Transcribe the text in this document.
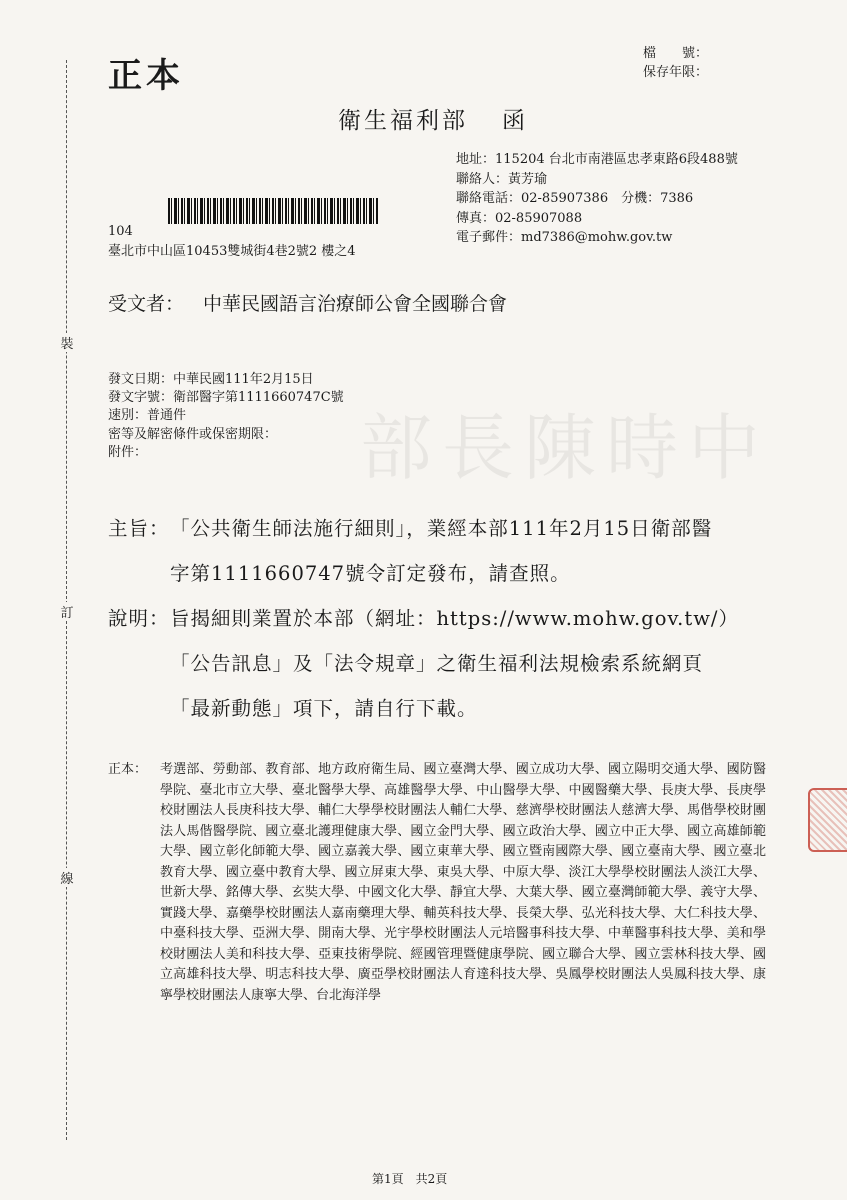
部長陳時中
裝
訂
線
正本
檔　　號：
保存年限：
衛生福利部 函
地址：115204 台北市南港區忠孝東路6段488號
聯絡人：黃芳瑜
聯絡電話：02-85907386　分機：7386
傳真：02-85907088
電子郵件：md7386@mohw.gov.tw
104
臺北市中山區10453雙城街4巷2號2 樓之4
受文者： 中華民國語言治療師公會全國聯合會
發文日期：中華民國111年2月15日
發文字號：衛部醫字第1111660747C號
速別：普通件
密等及解密條件或保密期限：
附件：
主旨： 「公共衛生師法施行細則」，業經本部111年2月15日衛部醫
字第1111660747號令訂定發布，請查照。
說明： 旨揭細則業置於本部（網址：https://www.mohw.gov.tw/）
「公告訊息」及「法令規章」之衛生福利法規檢索系統網頁
「最新動態」項下，請自行下載。
正本： 考選部、勞動部、教育部、地方政府衛生局、國立臺灣大學、國立成功大學、國立陽明交通大學、國防醫學院、臺北市立大學、臺北醫學大學、高雄醫學大學、中山醫學大學、中國醫藥大學、長庚大學、長庚學校財團法人長庚科技大學、輔仁大學學校財團法人輔仁大學、慈濟學校財團法人慈濟大學、馬偕學校財團法人馬偕醫學院、國立臺北護理健康大學、國立金門大學、國立政治大學、國立中正大學、國立高雄師範大學、國立彰化師範大學、國立嘉義大學、國立東華大學、國立暨南國際大學、國立臺南大學、國立臺北教育大學、國立臺中教育大學、國立屏東大學、東吳大學、中原大學、淡江大學學校財團法人淡江大學、世新大學、銘傳大學、玄奘大學、中國文化大學、靜宜大學、大葉大學、國立臺灣師範大學、義守大學、實踐大學、嘉藥學校財團法人嘉南藥理大學、輔英科技大學、長榮大學、弘光科技大學、大仁科技大學、中臺科技大學、亞洲大學、開南大學、光宇學校財團法人元培醫事科技大學、中華醫事科技大學、美和學校財團法人美和科技大學、亞東技術學院、經國管理暨健康學院、國立聯合大學、國立雲林科技大學、國立高雄科技大學、明志科技大學、廣亞學校財團法人育達科技大學、吳鳳學校財團法人吳鳳科技大學、康寧學校財團法人康寧大學、台北海洋學
第1頁　共2頁
